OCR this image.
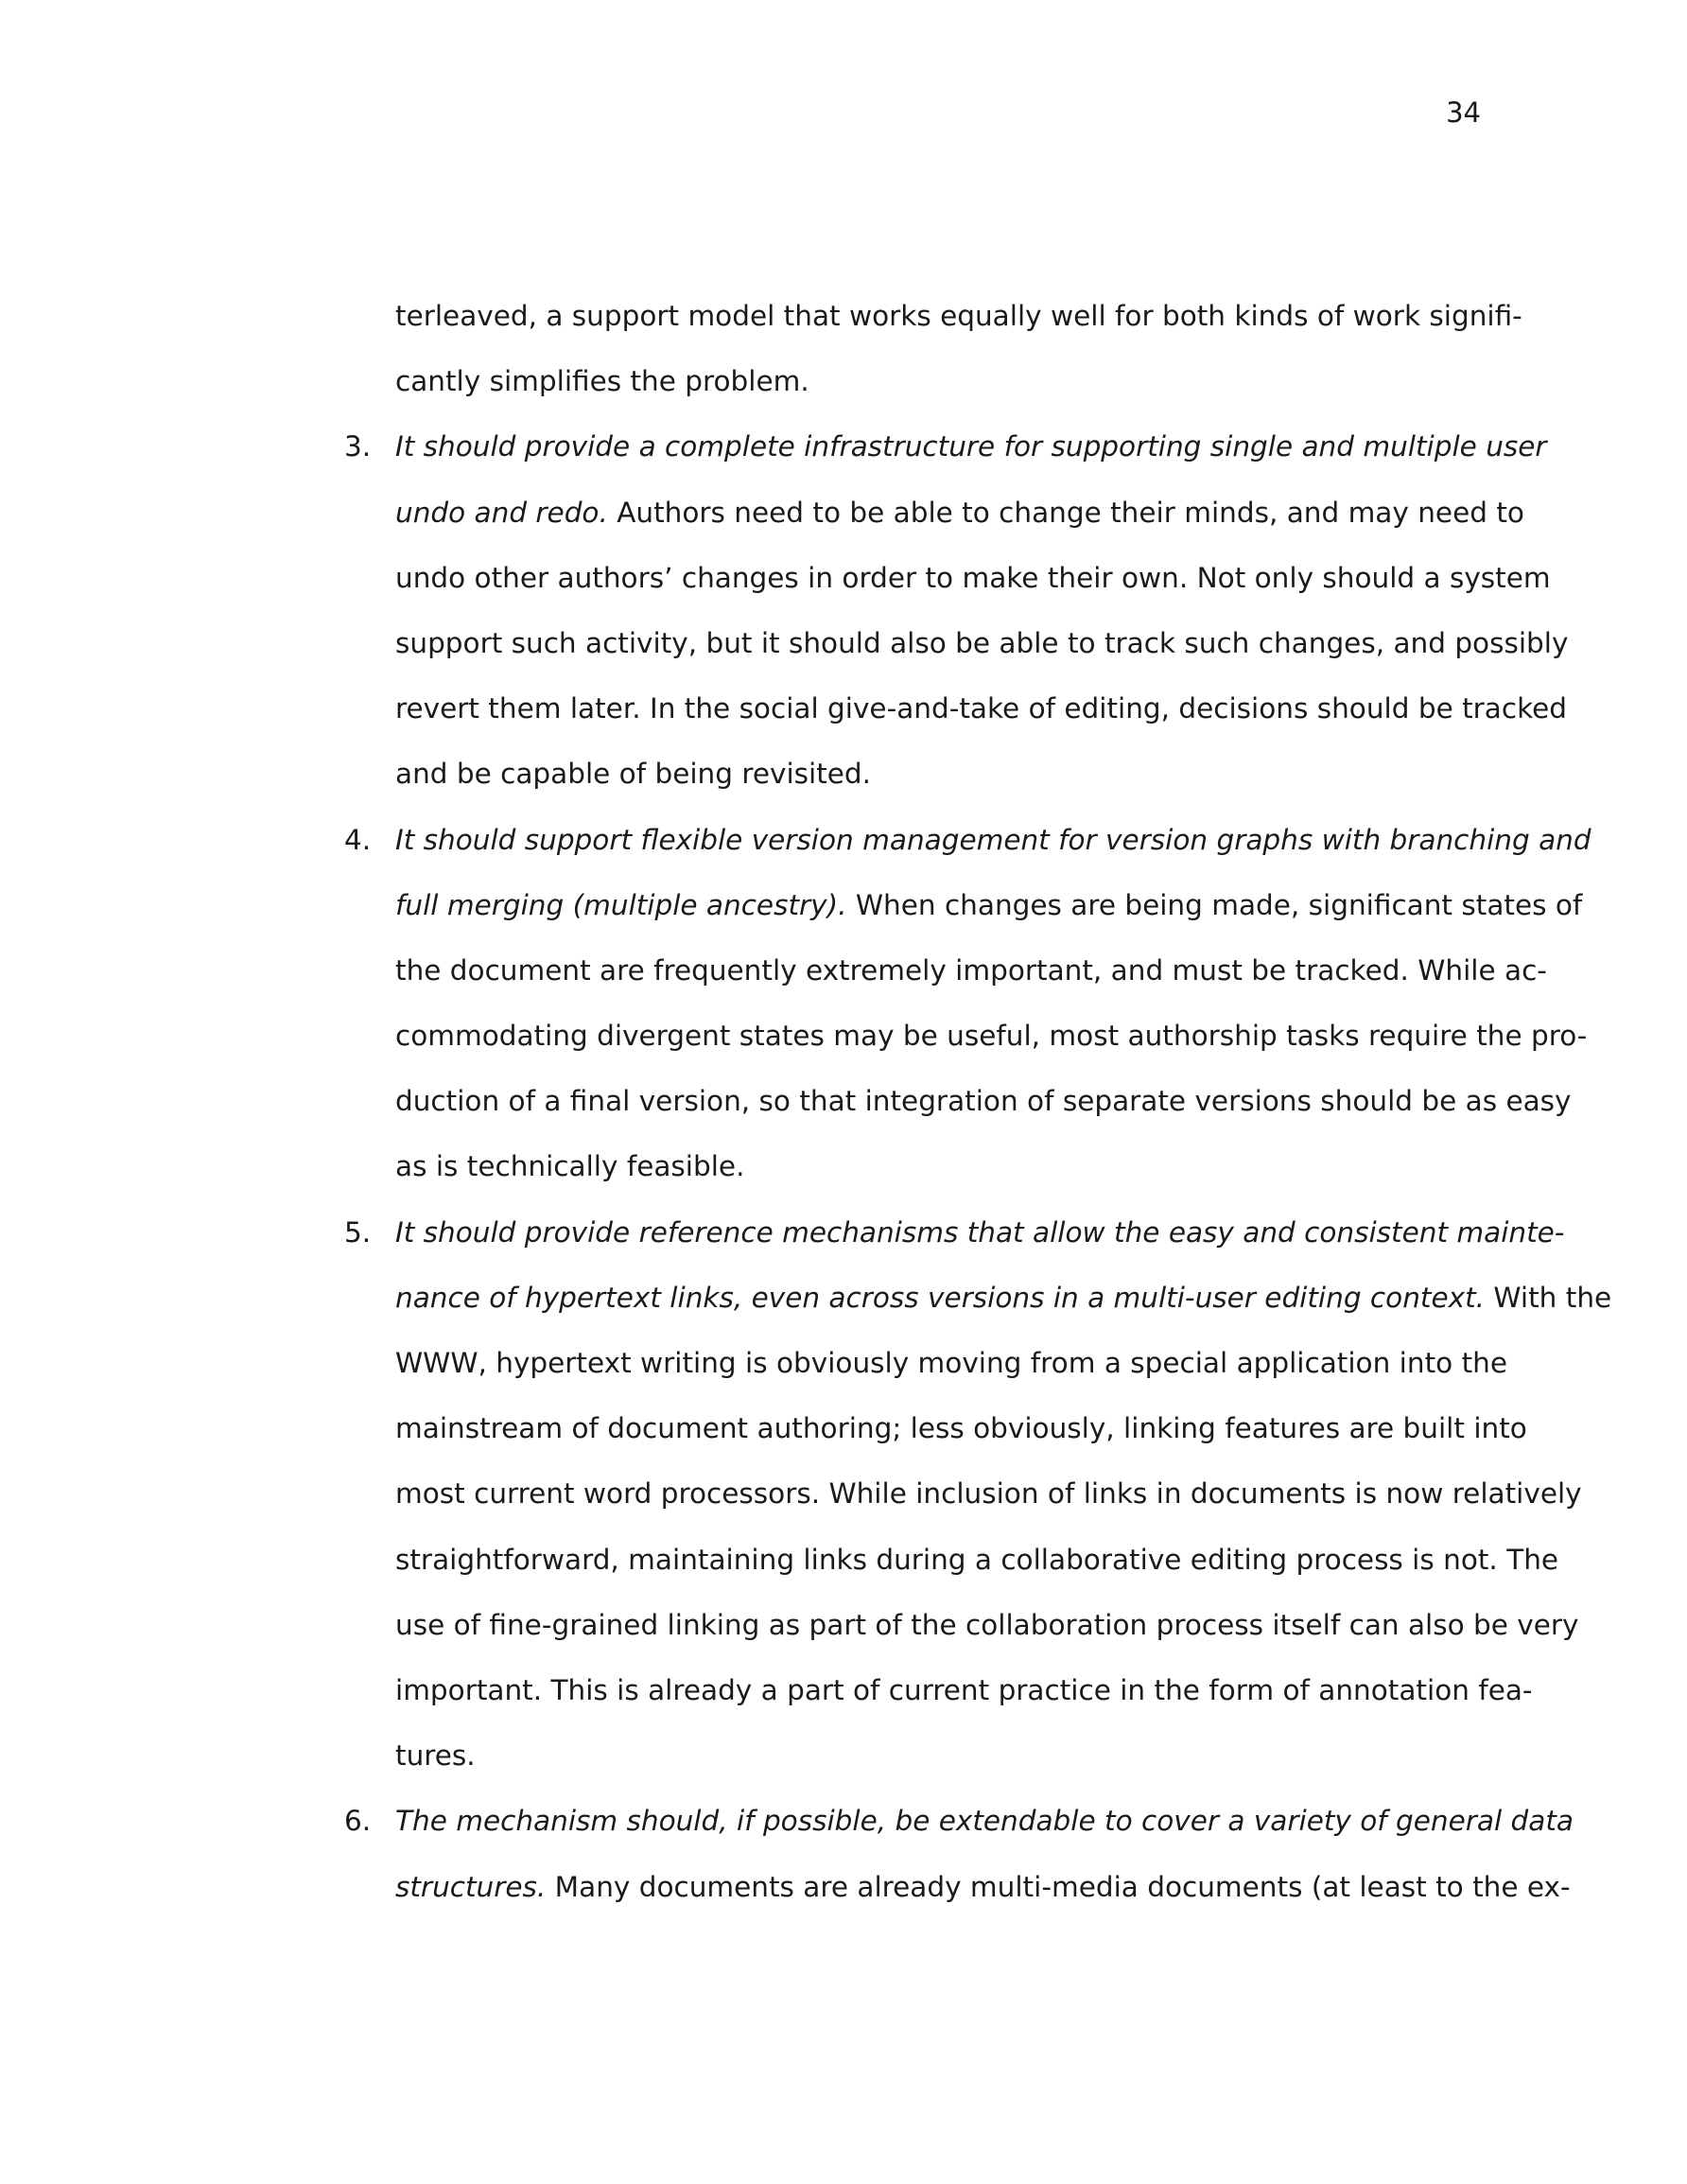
34
terleaved, a support model that works equally well for both kinds of work signifi-
cantly simplifies the problem.
3. It should provide a complete infrastructure for supporting single and multiple user
undo and redo. Authors need to be able to change their minds, and may need to
undo other authors’ changes in order to make their own. Not only should a system
support such activity, but it should also be able to track such changes, and possibly
revert them later. In the social give-and-take of editing, decisions should be tracked
and be capable of being revisited.
4. It should support flexible version management for version graphs with branching and
full merging (multiple ancestry). When changes are being made, significant states of
the document are frequently extremely important, and must be tracked. While ac-
commodating divergent states may be useful, most authorship tasks require the pro-
duction of a final version, so that integration of separate versions should be as easy
as is technically feasible.
5. It should provide reference mechanisms that allow the easy and consistent mainte-
nance of hypertext links, even across versions in a multi-user editing context. With the
WWW, hypertext writing is obviously moving from a special application into the
mainstream of document authoring; less obviously, linking features are built into
most current word processors. While inclusion of links in documents is now relatively
straightforward, maintaining links during a collaborative editing process is not. The
use of fine-grained linking as part of the collaboration process itself can also be very
important. This is already a part of current practice in the form of annotation fea-
tures.
6. The mechanism should, if possible, be extendable to cover a variety of general data
structures. Many documents are already multi-media documents (at least to the ex-
